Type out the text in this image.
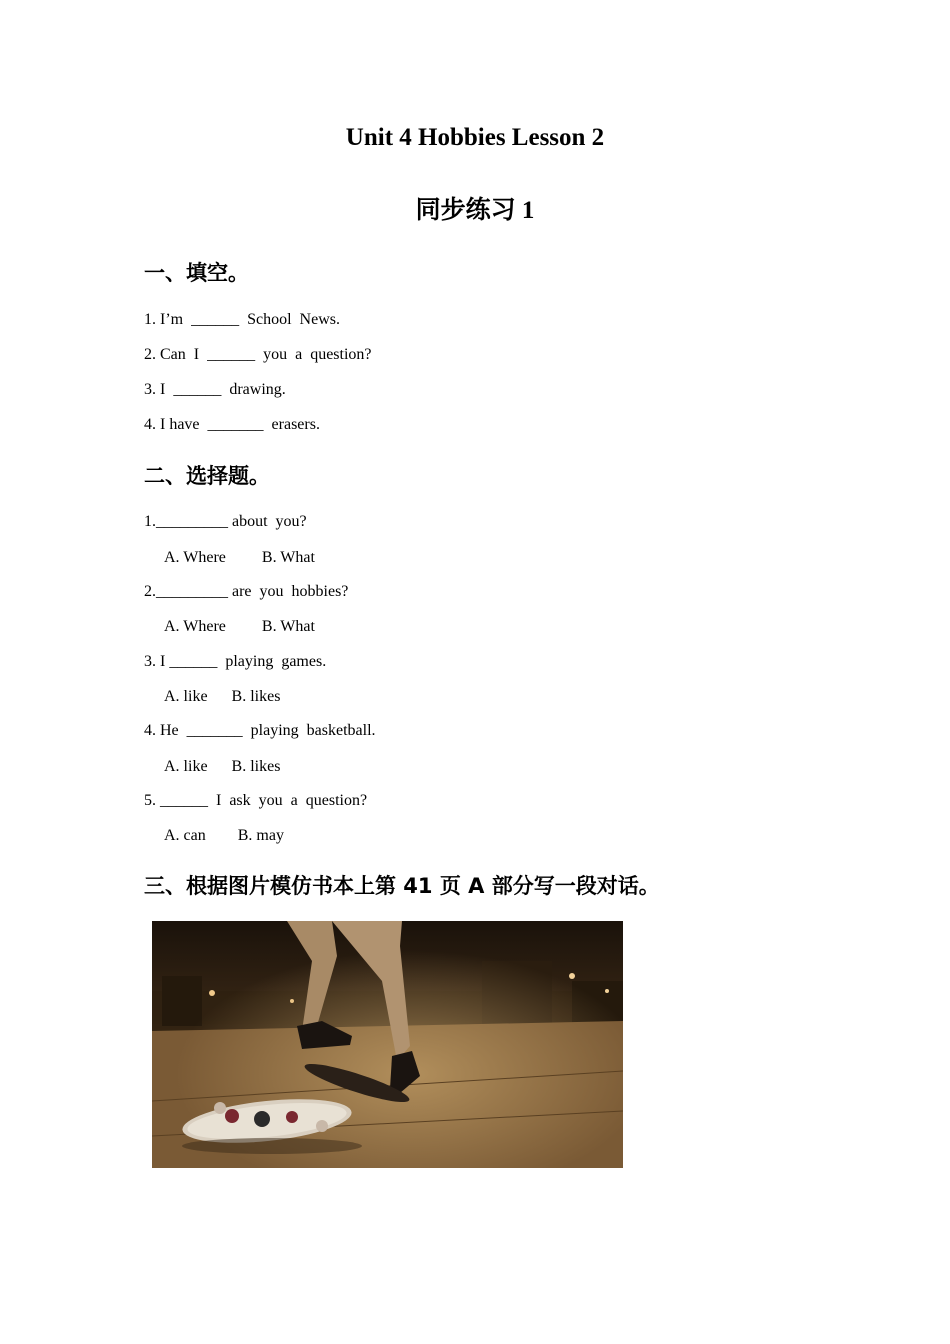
Unit 4 Hobbies Lesson 2
同步练习 1
一、填空。
1. I’m  ______  School  News.
2. Can  I  ______  you  a  question?
3. I  ______  drawing.
4. I have  _______  erasers.
二、选择题。
1._________ about  you?
A. Where         B. What
2._________ are  you  hobbies?
A. Where         B. What
3. I ______  playing  games.
A. like      B. likes
4. He  _______  playing  basketball.
A. like      B. likes
5. ______  I  ask  you  a  question?
A. can        B. may
三、根据图片模仿书本上第 41 页 A 部分写一段对话。
